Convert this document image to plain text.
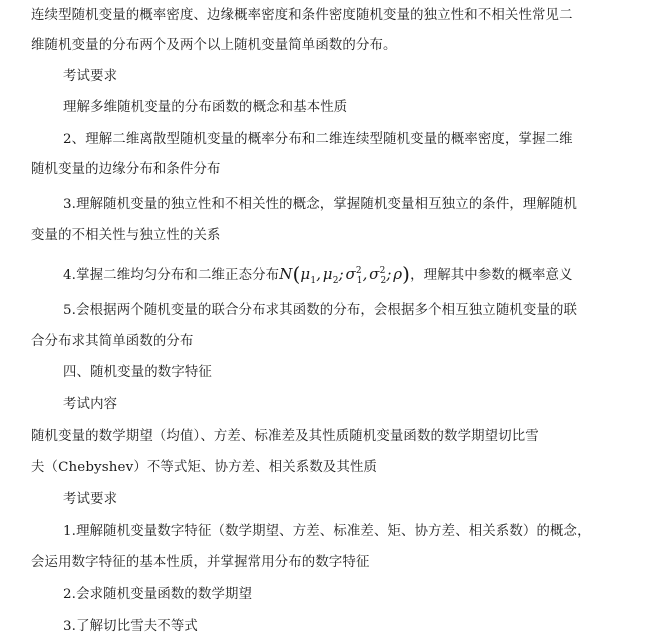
连续型随机变量的概率密度、边缘概率密度和条件密度随机变量的独立性和不相关性常见二
维随机变量的分布两个及两个以上随机变量简单函数的分布。
考试要求
理解多维随机变量的分布函数的概念和基本性质
2、理解二维离散型随机变量的概率分布和二维连续型随机变量的概率密度，掌握二维
随机变量的边缘分布和条件分布
3.理解随机变量的独立性和不相关性的概念，掌握随机变量相互独立的条件，理解随机
变量的不相关性与独立性的关系
4.掌握二维均匀分布和二维正态分布$N(\mu_1$, $\mu_2$; $\sigma^2_1$, $\sigma^2_2$; ρ)，理解其中参数的概率意义
5.会根据两个随机变量的联合分布求其函数的分布，会根据多个相互独立随机变量的联
合分布求其简单函数的分布
四、随机变量的数字特征
考试内容
随机变量的数学期望（均值）、方差、标准差及其性质随机变量函数的数学期望切比雪
夫（Chebyshev）不等式矩、协方差、相关系数及其性质
考试要求
1.理解随机变量数字特征（数学期望、方差、标准差、矩、协方差、相关系数）的概念，
会运用数字特征的基本性质，并掌握常用分布的数字特征
2.会求随机变量函数的数学期望
3.了解切比雪夫不等式
